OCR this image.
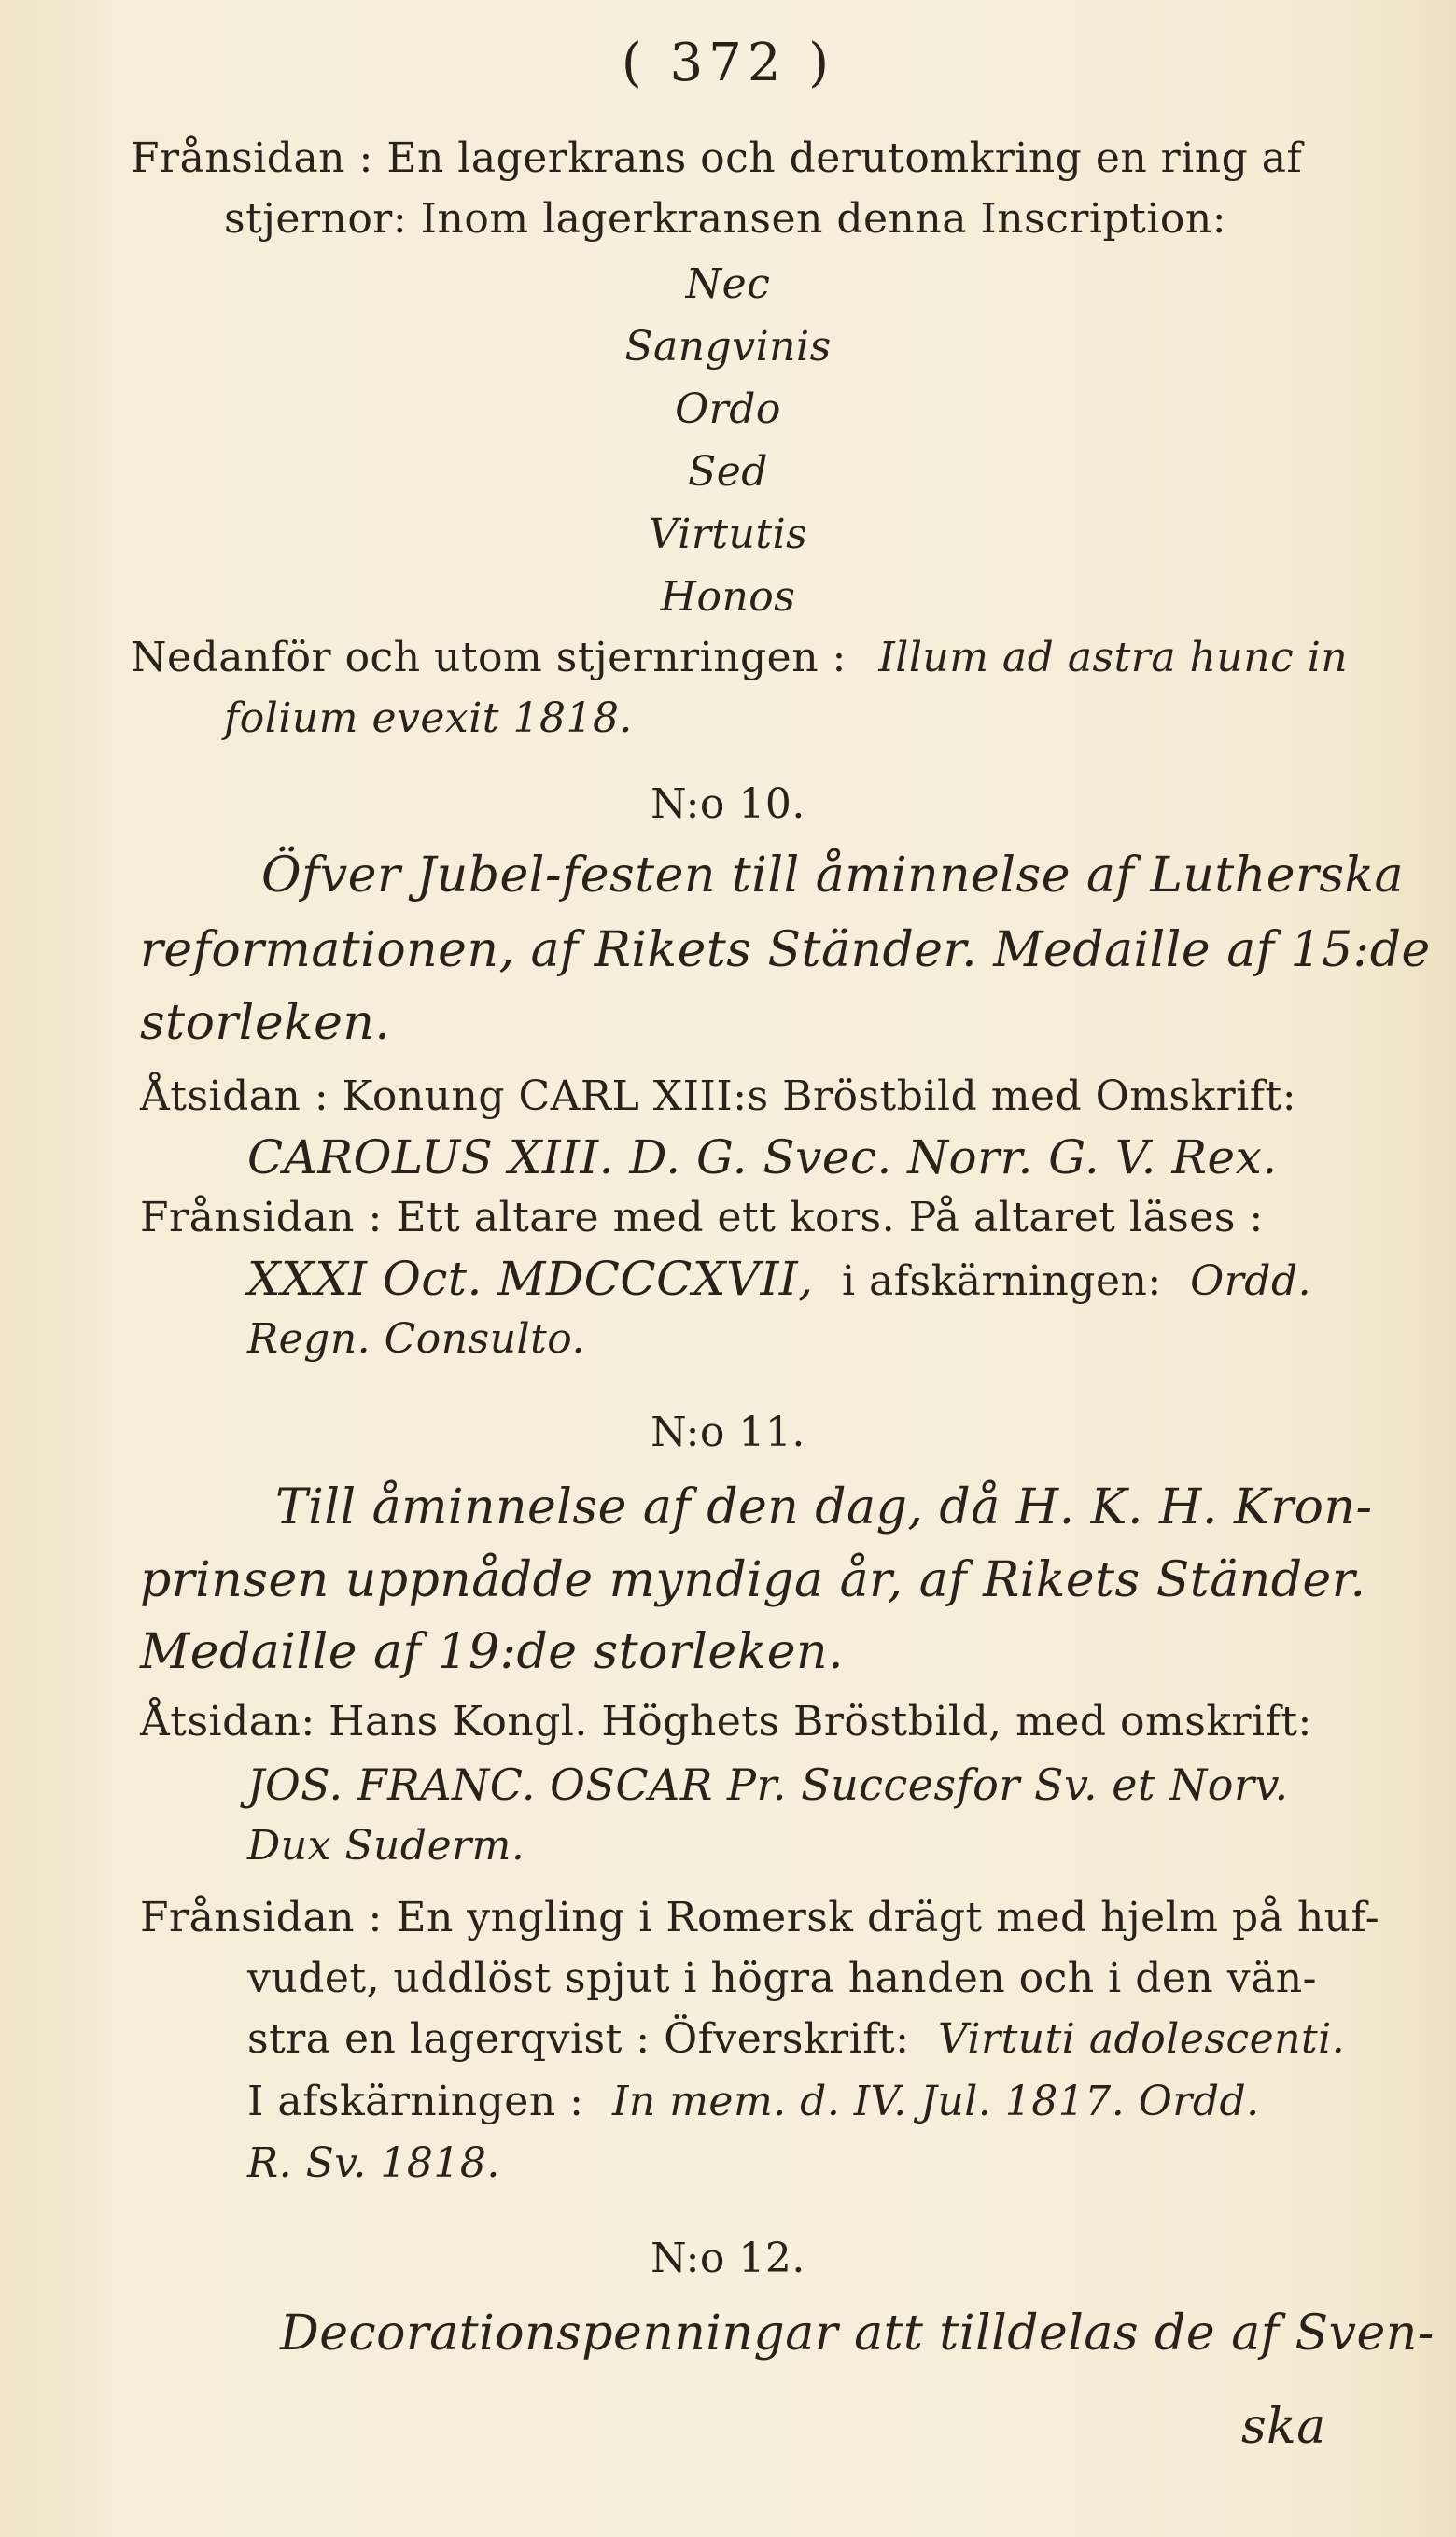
( 372 )
Frånsidan : En lagerkrans och derutomkring en ring af
stjernor: Inom lagerkransen denna Inscription:
Nec
Sangvinis
Ordo
Sed
Virtutis
Honos
Nedanför och utom stjernringen : Illum ad astra hunc in
folium evexit 1818.
N:o 10.
Öfver Jubel-festen till åminnelse af Lutherska
reformationen, af Rikets Ständer. Medaille af 15:de
storleken.
Åtsidan : Konung CARL XIII:s Bröstbild med Omskrift:
CAROLUS XIII. D. G. Svec. Norr. G. V. Rex.
Frånsidan : Ett altare med ett kors. På altaret läses :
XXXI Oct. MDCCCXVII, i afskärningen: Ordd.
Regn. Consulto.
N:o 11.
Till åminnelse af den dag, då H. K. H. Kron-
prinsen uppnådde myndiga år, af Rikets Ständer.
Medaille af 19:de storleken.
Åtsidan: Hans Kongl. Höghets Bröstbild, med omskrift:
JOS. FRANC. OSCAR Pr. Succesfor Sv. et Norv.
Dux Suderm.
Frånsidan : En yngling i Romersk drägt med hjelm på huf-
vudet, uddlöst spjut i högra handen och i den vän-
stra en lagerqvist : Öfverskrift: Virtuti adolescenti.
I afskärningen : In mem. d. IV. Jul. 1817. Ordd.
R. Sv. 1818.
N:o 12.
Decorationspenningar att tilldelas de af Sven-
ska
